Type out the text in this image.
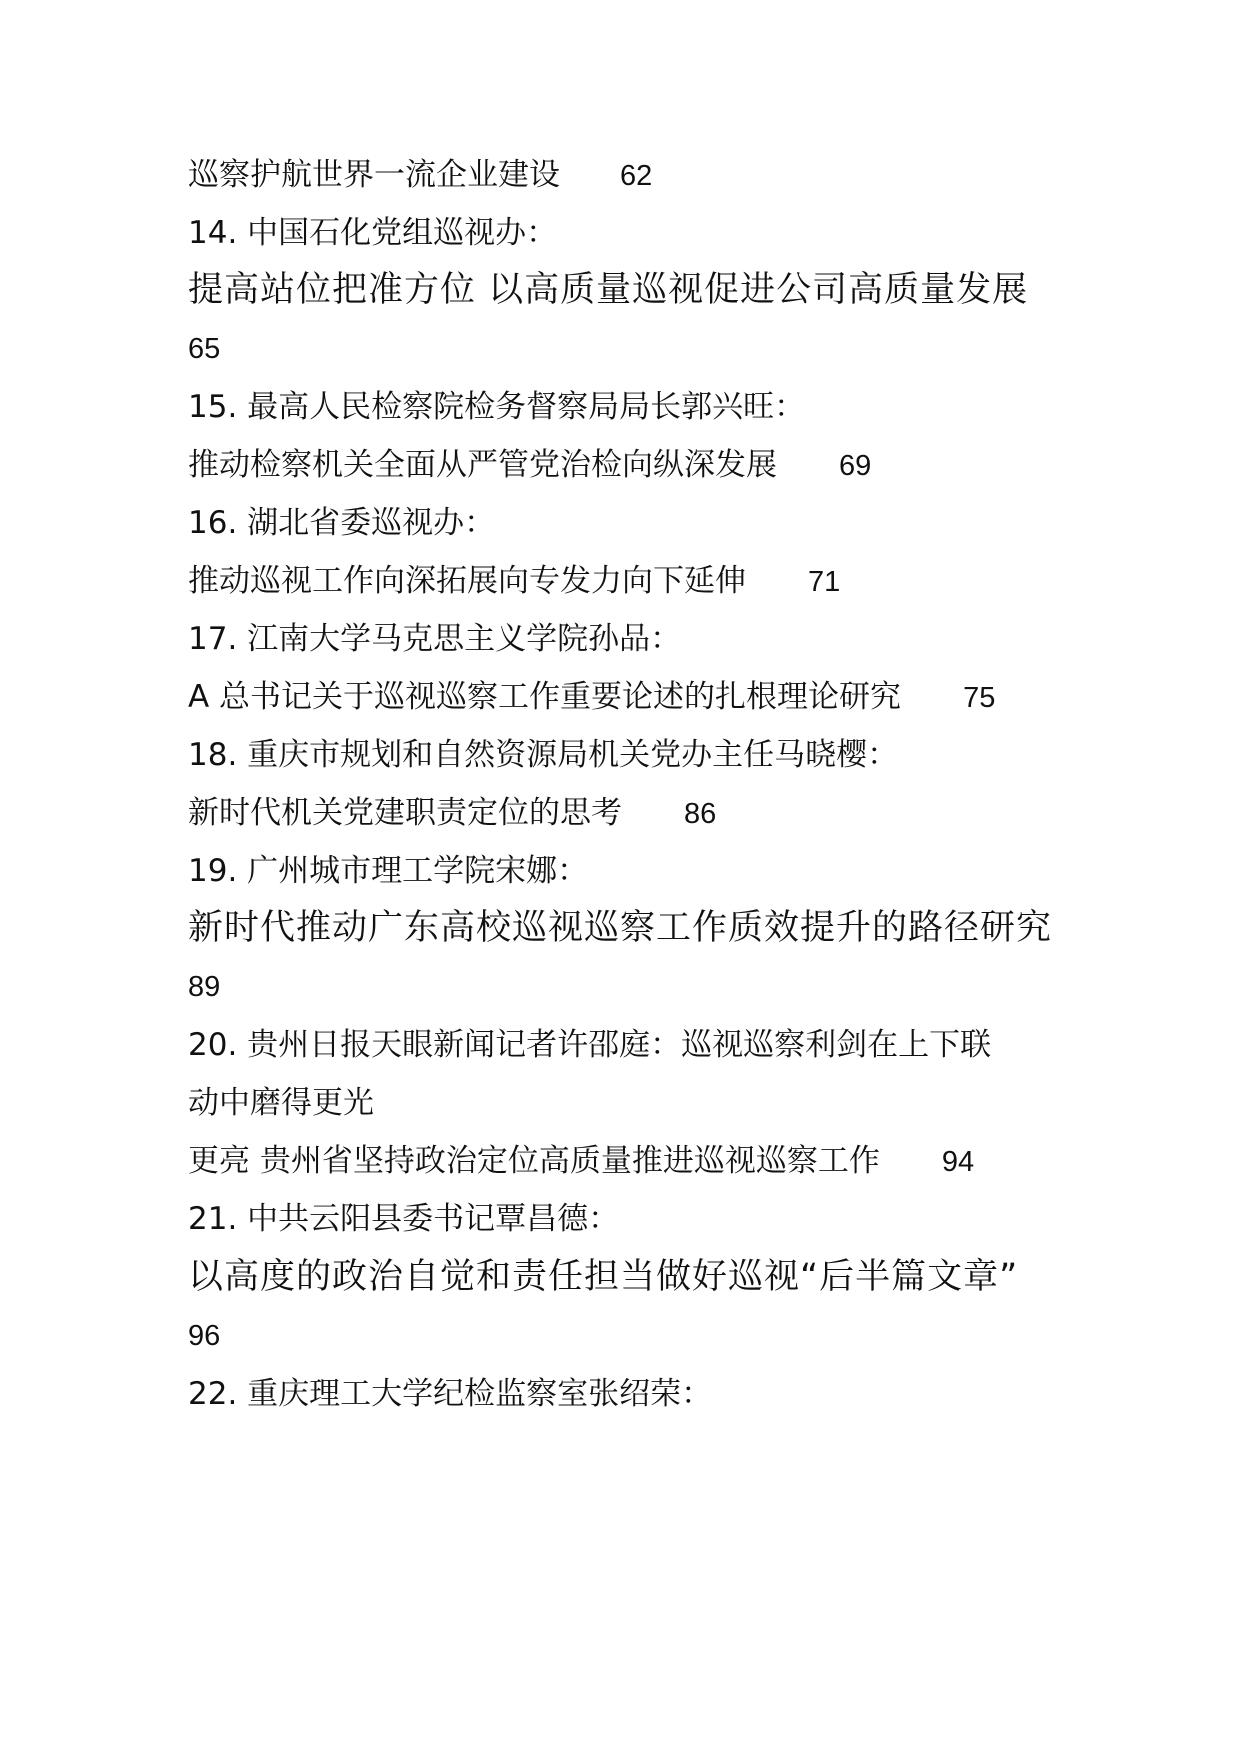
巡察护航世界一流企业建设 62
14. 中国石化党组巡视办：
提高站位把准方位 以高质量巡视促进公司高质量发展
65
15. 最高人民检察院检务督察局局长郭兴旺：
推动检察机关全面从严管党治检向纵深发展 69
16. 湖北省委巡视办：
推动巡视工作向深拓展向专发力向下延伸 71
17. 江南大学马克思主义学院孙品：
A 总书记关于巡视巡察工作重要论述的扎根理论研究 75
18. 重庆市规划和自然资源局机关党办主任马晓樱：
新时代机关党建职责定位的思考 86
19. 广州城市理工学院宋娜：
新时代推动广东高校巡视巡察工作质效提升的路径研究
89
20. 贵州日报天眼新闻记者许邵庭：巡视巡察利剑在上下联
动中磨得更光
更亮 贵州省坚持政治定位高质量推进巡视巡察工作 94
21. 中共云阳县委书记覃昌德：
以高度的政治自觉和责任担当做好巡视“后半篇文章”
96
22. 重庆理工大学纪检监察室张绍荣：
